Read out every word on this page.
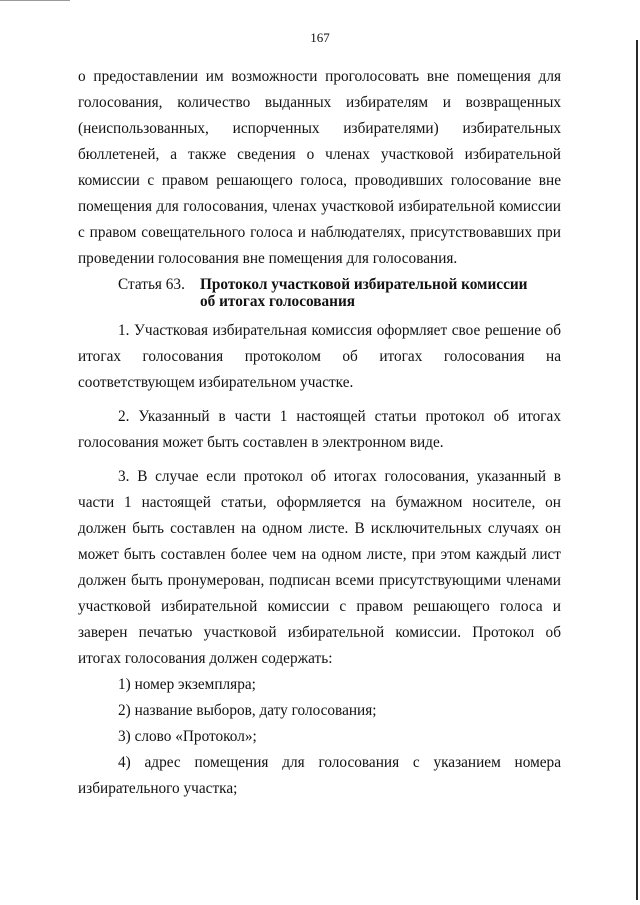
167

о предоставлении им возможности проголосовать вне помещения для голосования, количество выданных избирателям и возвращенных (неиспользованных, испорченных избирателями) избирательных бюллетеней, а также сведения о членах участковой избирательной комиссии с правом решающего голоса, проводивших голосование вне помещения для голосования, членах участковой избирательной комиссии с правом совещательного голоса и наблюдателях, присутствовавших при проведении голосования вне помещения для голосования.

Статья 63. Протокол участковой избирательной комиссии
об итогах голосования

1. Участковая избирательная комиссия оформляет свое решение об итогах голосования протоколом об итогах голосования на соответствующем избирательном участке.

2. Указанный в части 1 настоящей статьи протокол об итогах голосования может быть составлен в электронном виде.

3. В случае если протокол об итогах голосования, указанный в части 1 настоящей статьи, оформляется на бумажном носителе, он должен быть составлен на одном листе. В исключительных случаях он может быть составлен более чем на одном листе, при этом каждый лист должен быть пронумерован, подписан всеми присутствующими членами участковой избирательной комиссии с правом решающего голоса и заверен печатью участковой избирательной комиссии. Протокол об итогах голосования должен содержать:

1) номер экземпляра;

2) название выборов, дату голосования;

3) слово «Протокол»;

4) адрес помещения для голосования с указанием номера избирательного участка;
